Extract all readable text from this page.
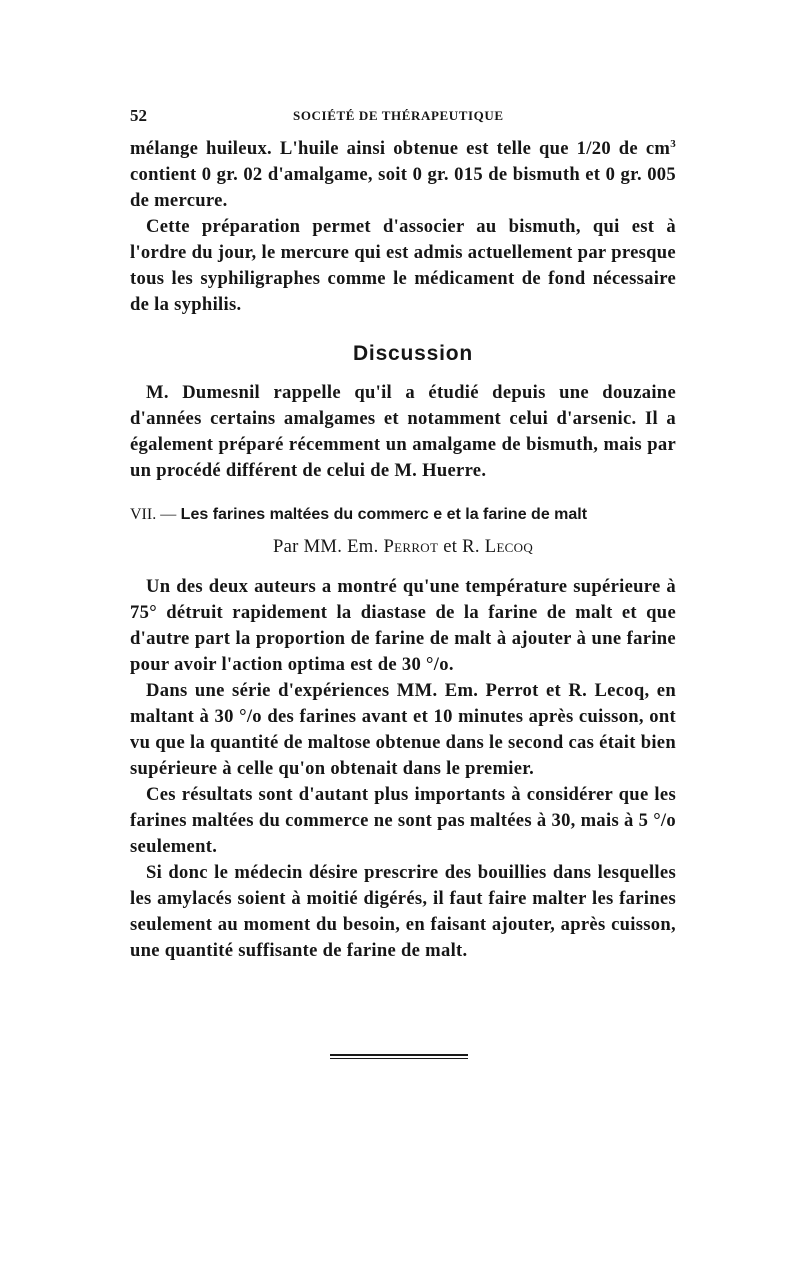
52	SOCIÉTÉ DE THÉRAPEUTIQUE

mélange huileux. L'huile ainsi obtenue est telle que 1/20 de $cm^3$ contient 0 gr. 02 d'amalgame, soit 0 gr. 015 de bismuth et 0 gr. 005 de mercure.

Cette préparation permet d'associer au bismuth, qui est à l'ordre du jour, le mercure qui est admis actuellement par presque tous les syphiligraphes comme le médicament de fond nécessaire de la syphilis.

Discussion

M. Dumesnil rappelle qu'il a étudié depuis une douzaine d'années certains amalgames et notamment celui d'arsenic. Il a également préparé récemment un amalgame de bismuth, mais par un procédé différent de celui de M. Huerre.

VII. — Les farines maltées du commerc e et la farine de malt
Par MM. Em. Perrot et R. Lecoq

Un des deux auteurs a montré qu'une température supérieure à 75° détruit rapidement la diastase de la farine de malt et que d'autre part la proportion de farine de malt à ajouter à une farine pour avoir l'action optima est de 30 °/o.

Dans une série d'expériences MM. Em. Perrot et R. Lecoq, en maltant à 30 °/o des farines avant et 10 minutes après cuisson, ont vu que la quantité de maltose obtenue dans le second cas était bien supérieure à celle qu'on obtenait dans le premier.

Ces résultats sont d'autant plus importants à considérer que les farines maltées du commerce ne sont pas maltées à 30, mais à 5 °/o seulement.

Si donc le médecin désire prescrire des bouillies dans lesquelles les amylacés soient à moitié digérés, il faut faire malter les farines seulement au moment du besoin, en faisant ajouter, après cuisson, une quantité suffisante de farine de malt.
